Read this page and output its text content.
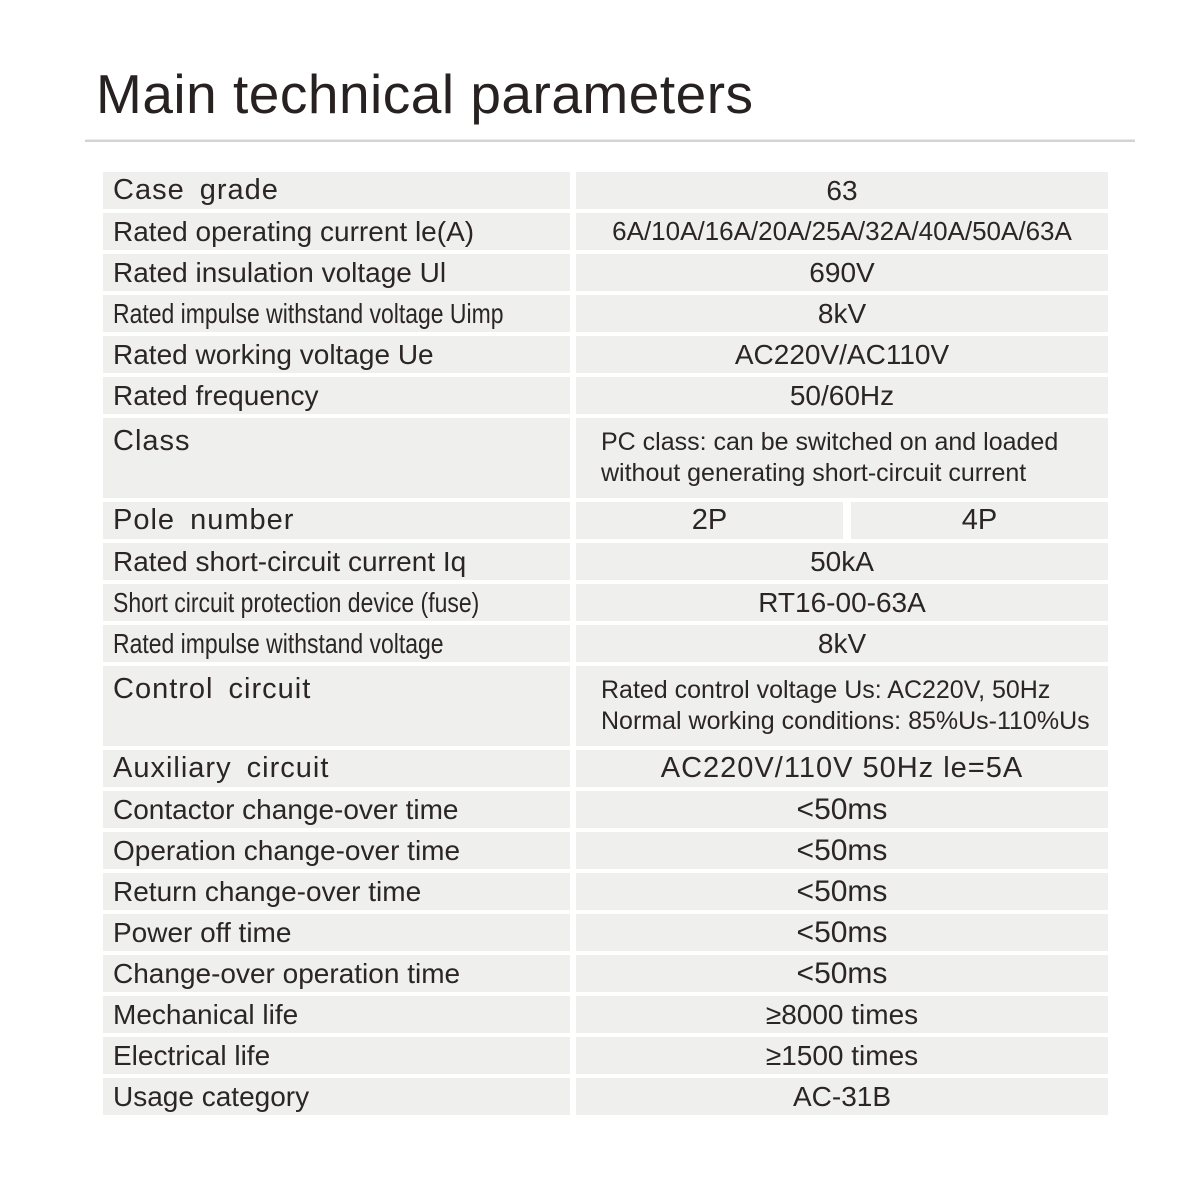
Main technical parameters
Case grade	63
Rated operating current le(A)	6A/10A/16A/20A/25A/32A/40A/50A/63A
Rated insulation voltage Ul	690V
Rated impulse withstand voltage Uimp	8kV
Rated working voltage Ue	AC220V/AC110V
Rated frequency	50/60Hz
Class	PC class: can be switched on and loaded
without generating short-circuit current
Pole number	2P	4P
Rated short-circuit current Iq	50kA
Short circuit protection device (fuse)	RT16-00-63A
Rated impulse withstand voltage	8kV
Control circuit	Rated control voltage Us: AC220V, 50Hz
Normal working conditions: 85%Us-110%Us
Auxiliary circuit	AC220V/110V 50Hz le=5A
Contactor change-over time	<50ms
Operation change-over time	<50ms
Return change-over time	<50ms
Power off time	<50ms
Change-over operation time	<50ms
Mechanical life	≥8000 times
Electrical life	≥1500 times
Usage category	AC-31B
